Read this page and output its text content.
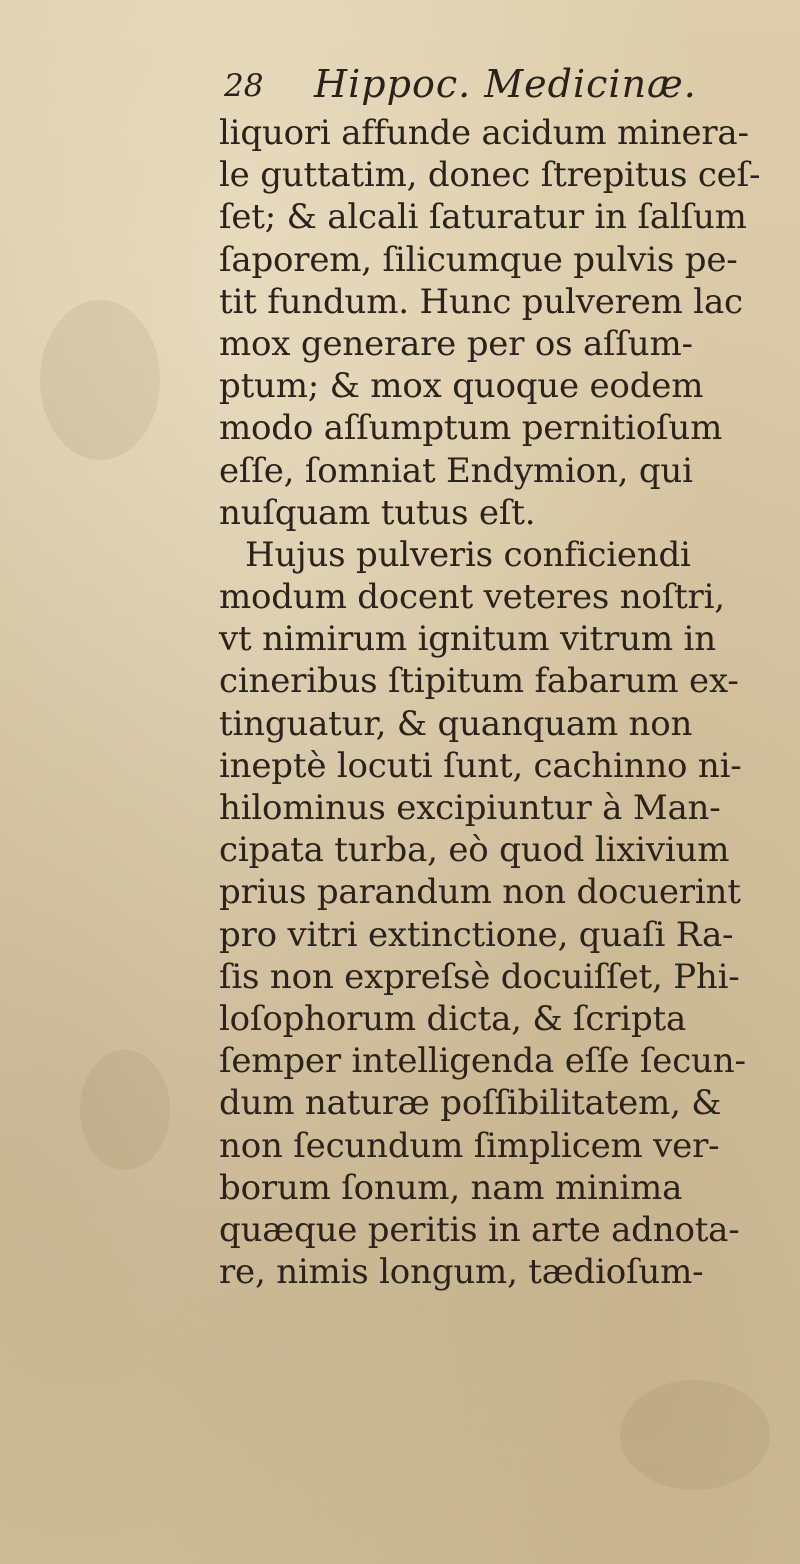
28 Hippoc. Medicinæ.
liquori affunde acidum minera-
le guttatim, donec ſtrepitus ceſ-
ſet; & alcali ſaturatur in ſalſum
ſaporem, ſilicumque pulvis pe-
tit fundum. Hunc pulverem lac
mox generare per os aſſum-
ptum; & mox quoque eodem
modo aſſumptum pernitioſum
eſſe, ſomniat Endymion, qui
nuſquam tutus eſt.
Hujus pulveris conficiendi
modum docent veteres noſtri,
vt nimirum ignitum vitrum in
cineribus ſtipitum fabarum ex-
tinguatur, & quanquam non
ineptè locuti ſunt, cachinno ni-
hilominus excipiuntur à Man-
cipata turba, eò quod lixivium
prius parandum non docuerint
pro vitri extinctione, quaſi Ra-
ſis non expreſsè docuiſſet, Phi-
loſophorum dicta, & ſcripta
ſemper intelligenda eſſe ſecun-
dum naturæ poſſibilitatem, &
non ſecundum ſimplicem ver-
borum ſonum, nam minima
quæque peritis in arte adnota-
re, nimis longum, tædioſum-
